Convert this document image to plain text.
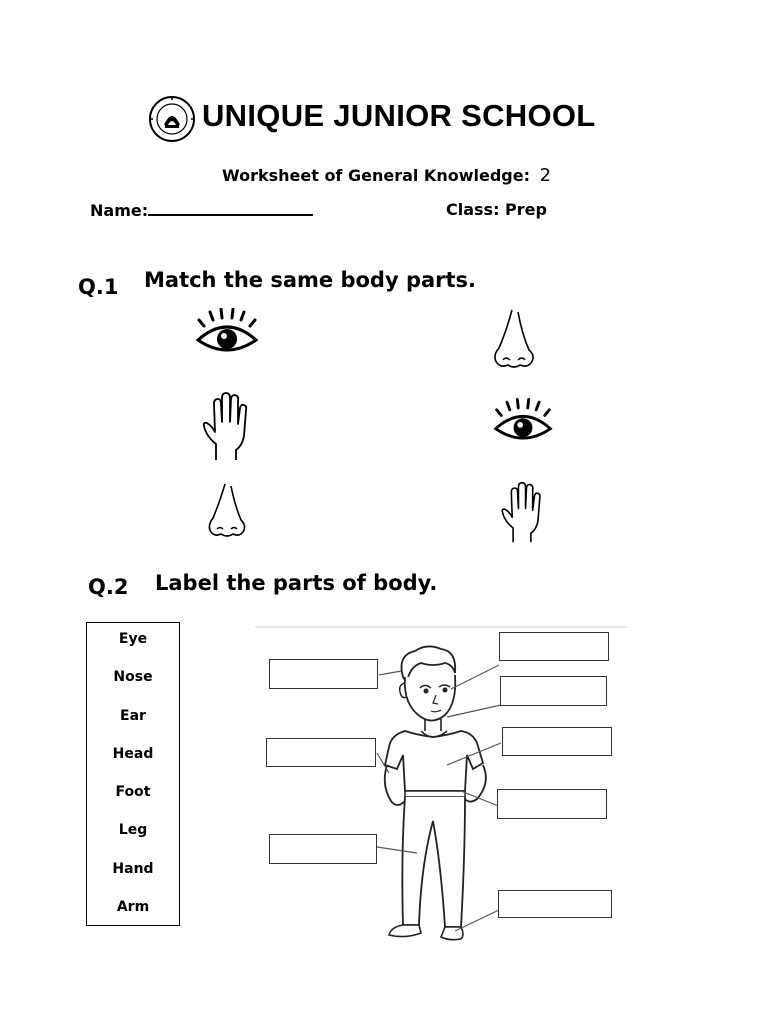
UNIQUE JUNIOR SCHOOL
Worksheet of General Knowledge: 2
Name:	Class: Prep
Q.1 Match the same body parts.
Q.2 Label the parts of body.
Eye
Nose
Ear
Head
Foot
Leg
Hand
Arm
